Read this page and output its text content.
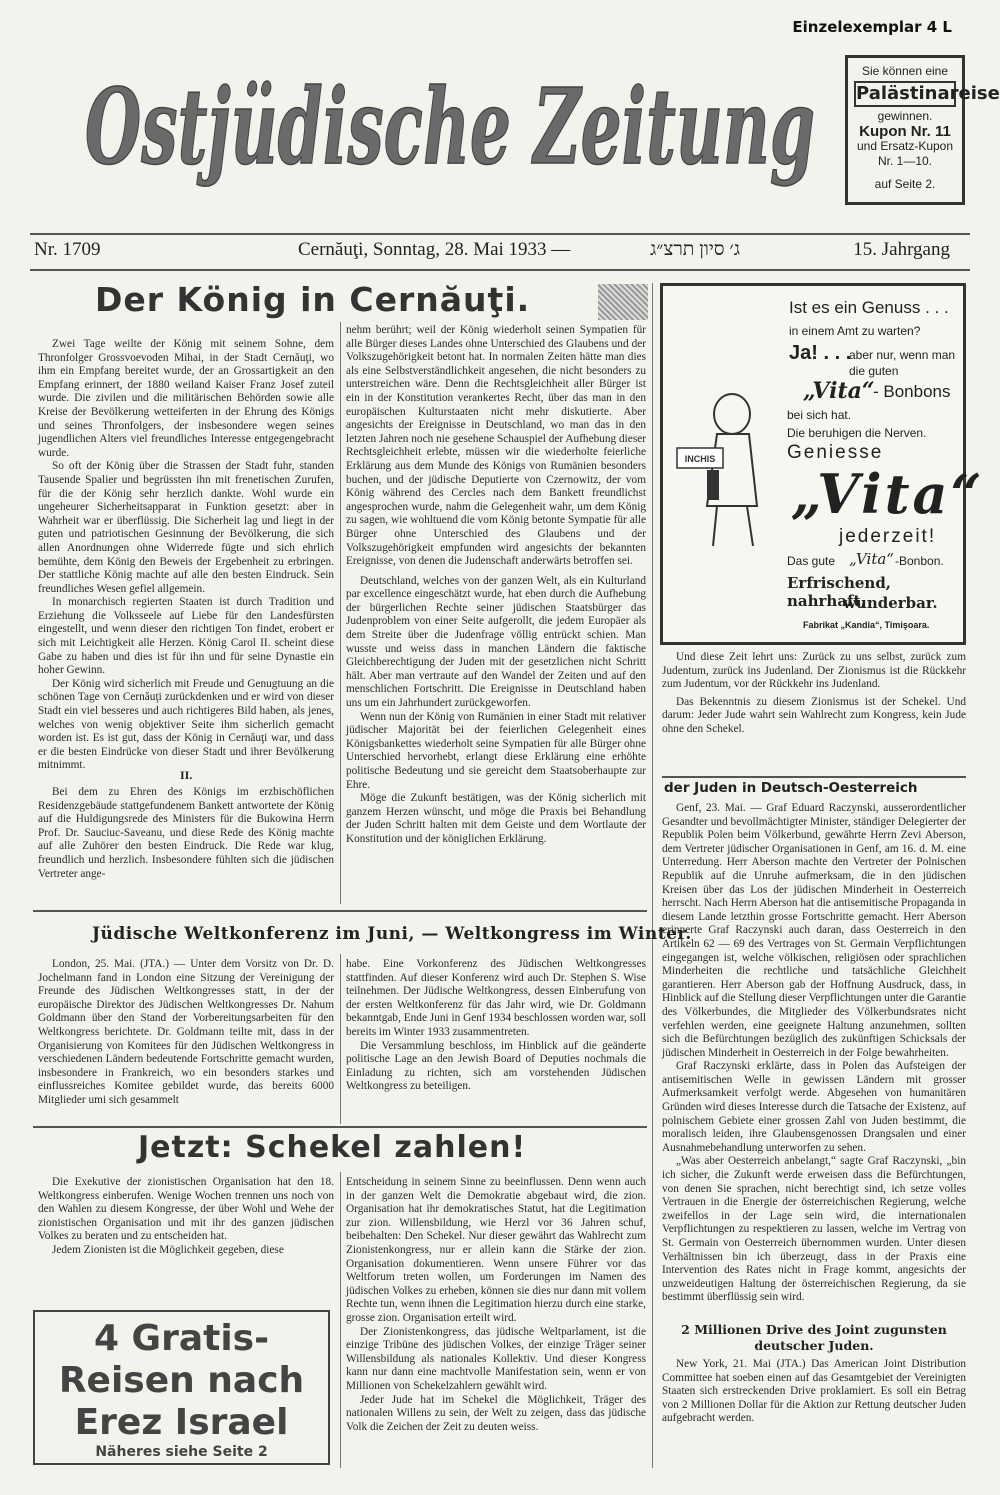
Einzelexemplar 4 L
Ostjüdische Zeitung	Sie können eine
Palästinareise
gewinnen.
Kupon Nr. 11
und Ersatz-Kupon
Nr. 1—10.
auf Seite 2.
Nr. 1709	Cernăuţi, Sonntag, 28. Mai 1933 —	ג׳ סיון תרצ״ג	15. Jahrgang
Der König in Cernăuţi.

Zwei Tage weilte der König mit seinem Sohne, dem Thronfolger Grossvoevoden Mihai, in der Stadt Cernăuţi, wo ihm ein Empfang bereitet wurde, der an Grossartigkeit an den Empfang erinnert, der 1880 weiland Kaiser Franz Josef zuteil wurde. Die zivilen und die militärischen Behörden sowie alle Kreise der Bevölkerung wetteiferten in der Ehrung des Königs und seines Thronfolgers, der insbesondere wegen seines jugendlichen Alters viel freundliches Interesse entgegengebracht wurde.

So oft der König über die Strassen der Stadt fuhr, standen Tausende Spalier und begrüssten ihn mit frenetischen Zurufen, für die der König sehr herzlich dankte. Wohl wurde ein ungeheurer Sicherheitsapparat in Funktion gesetzt: aber in Wahrheit war er überflüssig. Die Sicherheit lag und liegt in der guten und patriotischen Gesinnung der Bevölkerung, die sich allen Anordnungen ohne Widerrede fügte und sich ehrlich bemühte, dem König den Beweis der Ergebenheit zu erbringen. Der stattliche König machte auf alle den besten Eindruck. Sein freundliches Wesen gefiel allgemein.

In monarchisch regierten Staaten ist durch Tradition und Erziehung die Volksseele auf Liebe für den Landesfürsten eingestellt, und wenn dieser den richtigen Ton findet, erobert er sich mit Leichtigkeit alle Herzen. König Carol II. scheint diese Gabe zu haben und dies ist für ihn und für seine Dynastie ein hoher Gewinn.

Der König wird sicherlich mit Freude und Genugtuung an die schönen Tage von Cernăuţi zurückdenken und er wird von dieser Stadt ein viel besseres und auch richtigeres Bild haben, als jenes, welches von wenig objektiver Seite ihm sicherlich gemacht worden ist. Es ist gut, dass der König in Cernăuţi war, und dass er die besten Eindrücke von dieser Stadt und ihrer Bevölkerung mitnimmt.

II.

Bei dem zu Ehren des Königs im erzbischöflichen Residenzgebäude stattgefundenem Bankett antwortete der König auf die Huldigungsrede des Ministers für die Bukowina Herrn Prof. Dr. Sauciuc-Saveanu, und diese Rede des König machte auf alle Zuhörer den besten Eindruck. Die Rede war klug, freundlich und herzlich. Insbesondere fühlten sich die jüdischen Vertreter ange-

nehm berührt; weil der König wiederholt seinen Sympatien für alle Bürger dieses Landes ohne Unterschied des Glaubens und der Volkszugehörigkeit betont hat. In normalen Zeiten hätte man dies als eine Selbstverständlichkeit angesehen, die nicht besonders zu unterstreichen wäre. Denn die Rechtsgleichheit aller Bürger ist ein in der Konstitution verankertes Recht, über das man in den europäischen Kulturstaaten nicht mehr diskutierte. Aber angesichts der Ereignisse in Deutschland, wo man das in den letzten Jahren noch nie gesehene Schauspiel der Aufhebung dieser Rechtsgleichheit erlebte, müssen wir die wiederholte feierliche Erklärung aus dem Munde des Königs von Rumänien besonders buchen, und der jüdische Deputierte von Czernowitz, der vom König während des Cercles nach dem Bankett freundlichst angesprochen wurde, nahm die Gelegenheit wahr, um dem König zu sagen, wie wohltuend die vom König betonte Sympatie für alle Bürger ohne Unterschied des Glaubens und der Volkszugehörigkeit empfunden wird angesichts der bekannten Ereignisse, von denen die Judenschaft anderwärts betroffen sei.

Deutschland, welches von der ganzen Welt, als ein Kulturland par excellence eingeschätzt wurde, hat eben durch die Aufhebung der bürgerlichen Rechte seiner jüdischen Staatsbürger das Judenproblem von einer Seite aufgerollt, die jedem Europäer als dem Streite über die Judenfrage völlig entrückt schien. Man wusste und weiss dass in manchen Ländern die faktische Gleichberechtigung der Juden mit der gesetzlichen nicht Schritt hält. Aber man vertraute auf den Wandel der Zeiten und auf den menschlichen Fortschritt. Die Ereignisse in Deutschland haben uns um ein Jahrhundert zurückgeworfen.

Wenn nun der König von Rumänien in einer Stadt mit relativer jüdischer Majorität bei der feierlichen Gelegenheit eines Königsbankettes wiederholt seine Sympatien für alle Bürger ohne Unterschied hervorhebt, erlangt diese Erklärung eine erhöhte politische Bedeutung und sie gereicht dem Staatsoberhaupte zur Ehre.

Möge die Zukunft bestätigen, was der König sicherlich mit ganzem Herzen wünscht, und möge die Praxis bei Behandlung der Juden Schritt halten mit dem Geiste und dem Wortlaute der Konstitution und der königlichen Erklärung.

Ist es ein Genuss . . .
in einem Amt zu warten?
Ja! . . .
aber nur, wenn man
die guten
„Vita“
- Bonbons
bei sich hat.
Die beruhigen die Nerven.
Geniesse
„Vita“
jederzeit!
Das gute „Vita“ -Bonbon.
Erfrischend, nahrhaft,
wunderbar.
Fabrikat „Kandia“, Timişoara.
INCHIS

Und diese Zeit lehrt uns: Zurück zu uns selbst, zurück zum Judentum, zurück ins Judenland. Der Zionismus ist die Rückkehr zum Judentum, vor der Rückkehr ins Judenland.

Das Bekenntnis zu diesem Zionismus ist der Schekel. Und darum: Jeder Jude wahrt sein Wahlrecht zum Kongress, kein Jude ohne den Schekel.

der Juden in Deutsch-Oesterreich

Genf, 23. Mai. — Graf Eduard Raczynski, ausserordentlicher Gesandter und bevollmächtigter Minister, ständiger Delegierter der Republik Polen beim Völkerbund, gewährte Herrn Zevi Aberson, dem Vertreter jüdischer Organisationen in Genf, am 16. d. M. eine Unterredung. Herr Aberson machte den Vertreter der Polnischen Republik auf die Unruhe aufmerksam, die in den jüdischen Kreisen über das Los der jüdischen Minderheit in Oesterreich herrscht. Nach Herrn Aberson hat die antisemitische Propaganda in diesem Lande letzthin grosse Fortschritte gemacht. Herr Aberson erinnerte Graf Raczynski auch daran, dass Oesterreich in den Artikeln 62 — 69 des Vertrages von St. Germain Verpflichtungen eingegangen ist, welche völkischen, religiösen oder sprachlichen Minderheiten die rechtliche und tatsächliche Gleichheit garantieren. Herr Aberson gab der Hoffnung Ausdruck, dass, in Hinblick auf die Stellung dieser Verpflichtungen unter die Garantie des Völkerbundes, die Mitglieder des Völkerbundsrates nicht verfehlen werden, eine geeignete Haltung anzunehmen, sollten sich die Befürchtungen bezüglich des zukünftigen Schicksals der jüdischen Minderheit in Oesterreich in der Folge bewahrheiten.

Graf Raczynski erklärte, dass in Polen das Aufsteigen der antisemitischen Welle in gewissen Ländern mit grosser Aufmerksamkeit verfolgt werde. Abgesehen von humanitären Gründen wird dieses Interesse durch die Tatsache der Existenz, auf polnischem Gebiete einer grossen Zahl von Juden bestimmt, die moralisch leiden, ihre Glaubensgenossen Drangsalen und einer Ausnahmebehandlung unterworfen zu sehen.

„Was aber Oesterreich anbelangt,“ sagte Graf Raczynski, „bin ich sicher, die Zukunft werde erweisen dass die Befürchtungen, von denen Sie sprachen, nicht berechtigt sind, ich setze volles Vertrauen in die Energie der österreichischen Regierung, welche zweifellos in der Lage sein wird, die internationalen Verpflichtungen zu respektieren zu lassen, welche im Vertrag von St. Germain von Oesterreich übernommen wurden. Unter diesen Verhältnissen bin ich überzeugt, dass in der Praxis eine Intervention des Rates nicht in Frage kommt, angesichts der unzweideutigen Haltung der österreichischen Regierung, da sie bestimmt überflüssig sein wird.

2 Millionen Drive des Joint zugunsten deutscher Juden.

New York, 21. Mai (JTA.) Das American Joint Distribution Committee hat soeben einen auf das Gesamtgebiet der Vereinigten Staaten sich erstreckenden Drive proklamiert. Es soll ein Betrag von 2 Millionen Dollar für die Aktion zur Rettung deutscher Juden aufgebracht werden.

Jüdische Weltkonferenz im Juni, — Weltkongress im Winter.

London, 25. Mai. (JTA.) — Unter dem Vorsitz von Dr. D. Jochelmann fand in London eine Sitzung der Vereinigung der Freunde des Jüdischen Weltkongresses statt, in der der europäische Direktor des Jüdischen Weltkongresses Dr. Nahum Goldmann über den Stand der Vorbereitungsarbeiten für den Weltkongress berichtete. Dr. Goldmann teilte mit, dass in der Organisierung von Komitees für den Jüdischen Weltkongress in verschiedenen Ländern bedeutende Fortschritte gemacht wurden, insbesondere in Frankreich, wo ein besonders starkes und einflussreiches Komitee gebildet wurde, das bereits 6000 Mitglieder umi sich gesammelt

habe. Eine Vorkonferenz des Jüdischen Weltkongresses stattfinden. Auf dieser Konferenz wird auch Dr. Stephen S. Wise teilnehmen. Der Jüdische Weltkongress, dessen Einberufung von der ersten Weltkonferenz für das Jahr wird, wie Dr. Goldmann bekanntgab, Ende Juni in Genf 1934 beschlossen worden war, soll bereits im Winter 1933 zusammentreten.

Die Versammlung beschloss, im Hinblick auf die geänderte politische Lage an den Jewish Board of Deputies nochmals die Einladung zu richten, sich am vorstehenden Jüdischen Weltkongress zu beteiligen.

Jetzt: Schekel zahlen!

Die Exekutive der zionistischen Organisation hat den 18. Weltkongress einberufen. Wenige Wochen trennen uns noch von den Wahlen zu diesem Kongresse, der über Wohl und Wehe der zionistischen Organisation und mit ihr des ganzen jüdischen Volkes zu beraten und zu entscheiden hat.

Jedem Zionisten ist die Möglichkeit gegeben, diese

Entscheidung in seinem Sinne zu beeinflussen. Denn wenn auch in der ganzen Welt die Demokratie abgebaut wird, die zion. Organisation hat ihr demokratisches Statut, hat die Legitimation zur zion. Willensbildung, wie Herzl vor 36 Jahren schuf, beibehalten: Den Schekel. Nur dieser gewährt das Wahlrecht zum Zionistenkongress, nur er allein kann die Stärke der zion. Organisation dokumentieren. Wenn unsere Führer vor das Weltforum treten wollen, um Forderungen im Namen des jüdischen Volkes zu erheben, können sie dies nur dann mit vollem Rechte tun, wenn ihnen die Legitimation hierzu durch eine starke, grosse zion. Organisation erteilt wird.

Der Zionistenkongress, das jüdische Weltparlament, ist die einzige Tribüne des jüdischen Volkes, der einzige Träger seiner Willensbildung als nationales Kollektiv. Und dieser Kongress kann nur dann eine machtvolle Manifestation sein, wenn er von Millionen von Schekelzahlern gewählt wird.

Jeder Jude hat im Schekel die Möglichkeit, Träger des nationalen Willens zu sein, der Welt zu zeigen, dass das jüdische Volk die Zeichen der Zeit zu deuten weiss.

4 Gratis-
Reisen nach
Erez Israel
Näheres siehe Seite 2
